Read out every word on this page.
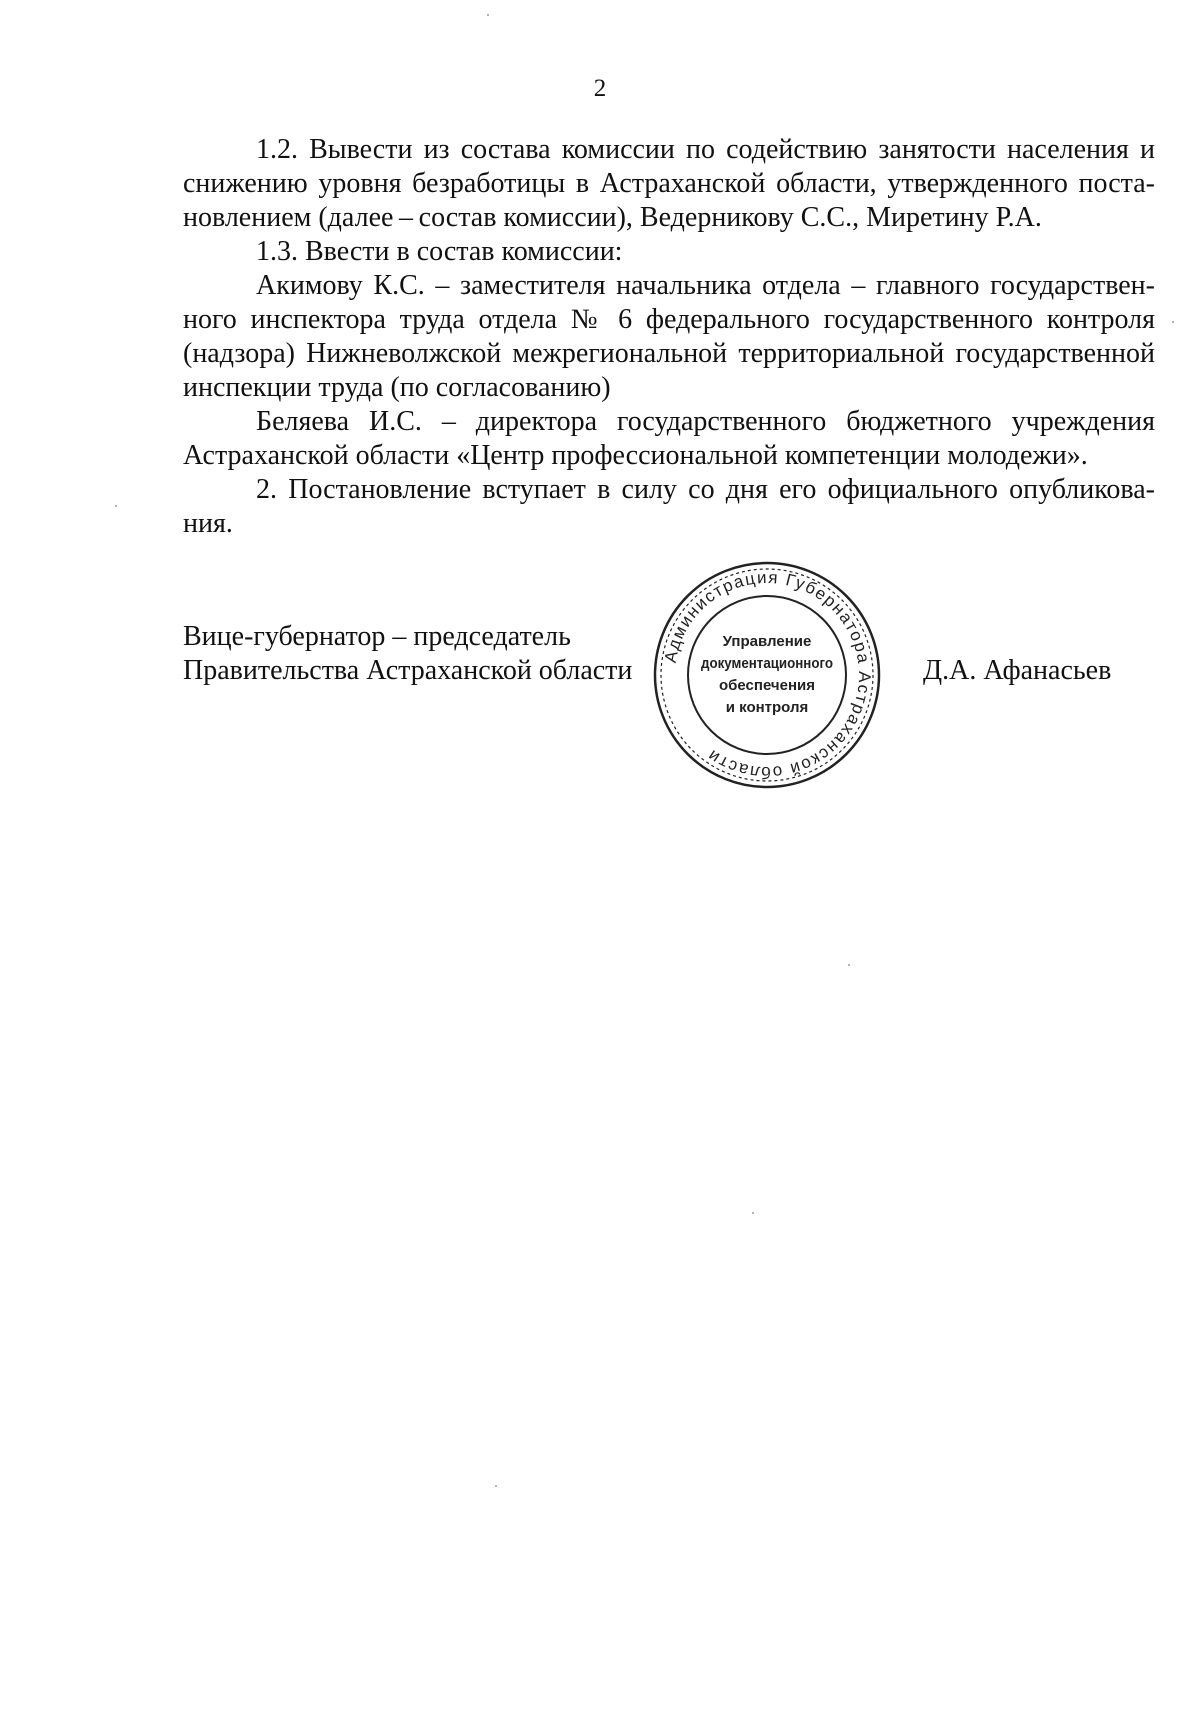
2

1.2. Вывести из состава комиссии по содействию занятости населения и снижению уровня безработицы в Астраханской области, утвержденного постановлением (далее – состав комиссии), Ведерникову С.С., Миретину Р.А.

1.3. Ввести в состав комиссии:

Акимову К.С. – заместителя начальника отдела – главного государственного инспектора труда отдела № 6 федерального государственного контроля (надзора) Нижневолжской межрегиональной территориальной государственной инспекции труда (по согласованию)

Беляева И.С. – директора государственного бюджетного учреждения Астраханской области «Центр профессиональной компетенции молодежи».

2. Постановление вступает в силу со дня его официального опубликования.

Вице-губернатор – председатель
Правительства Астраханской области	Д.А. Афанасьев
Администрация Губернатора Астраханской области
Управление
документационного
обеспечения
и контроля
